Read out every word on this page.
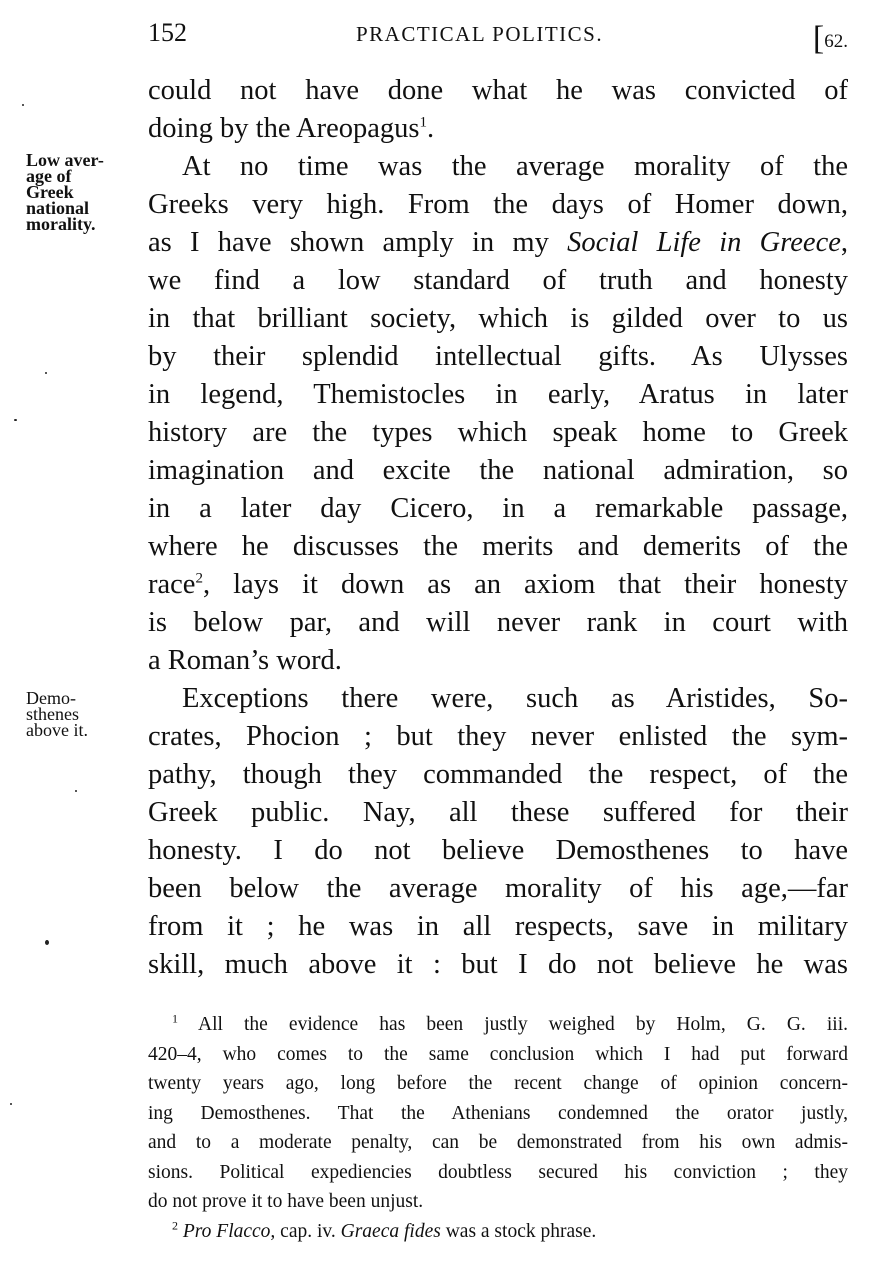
152	PRACTICAL POLITICS.	[62.
Low aver-
age of
Greek
national
morality.
Demo-
sthenes
above it.
could not have done what he was convicted of
doing by the Areopagus$^1$.
At no time was the average morality of the
Greeks very high. From the days of Homer down,
as I have shown amply in my Social Life in Greece,
we find a low standard of truth and honesty
in that brilliant society, which is gilded over to us
by their splendid intellectual gifts. As Ulysses
in legend, Themistocles in early, Aratus in later
history are the types which speak home to Greek
imagination and excite the national admiration, so
in a later day Cicero, in a remarkable passage,
where he discusses the merits and demerits of the
race$^2$, lays it down as an axiom that their honesty
is below par, and will never rank in court with
a Roman’s word.
Exceptions there were, such as Aristides, So-
crates, Phocion ; but they never enlisted the sym-
pathy, though they commanded the respect, of the
Greek public. Nay, all these suffered for their
honesty. I do not believe Demosthenes to have
been below the average morality of his age,—far
from it ; he was in all respects, save in military
skill, much above it : but I do not believe he was
$^1$ All the evidence has been justly weighed by Holm, G. G. iii.
420–4, who comes to the same conclusion which I had put forward
twenty years ago, long before the recent change of opinion concern-
ing Demosthenes. That the Athenians condemned the orator justly,
and to a moderate penalty, can be demonstrated from his own admis-
sions. Political expediencies doubtless secured his conviction ; they
do not prove it to have been unjust.
$^2$ Pro Flacco, cap. iv. Graeca fides was a stock phrase.
